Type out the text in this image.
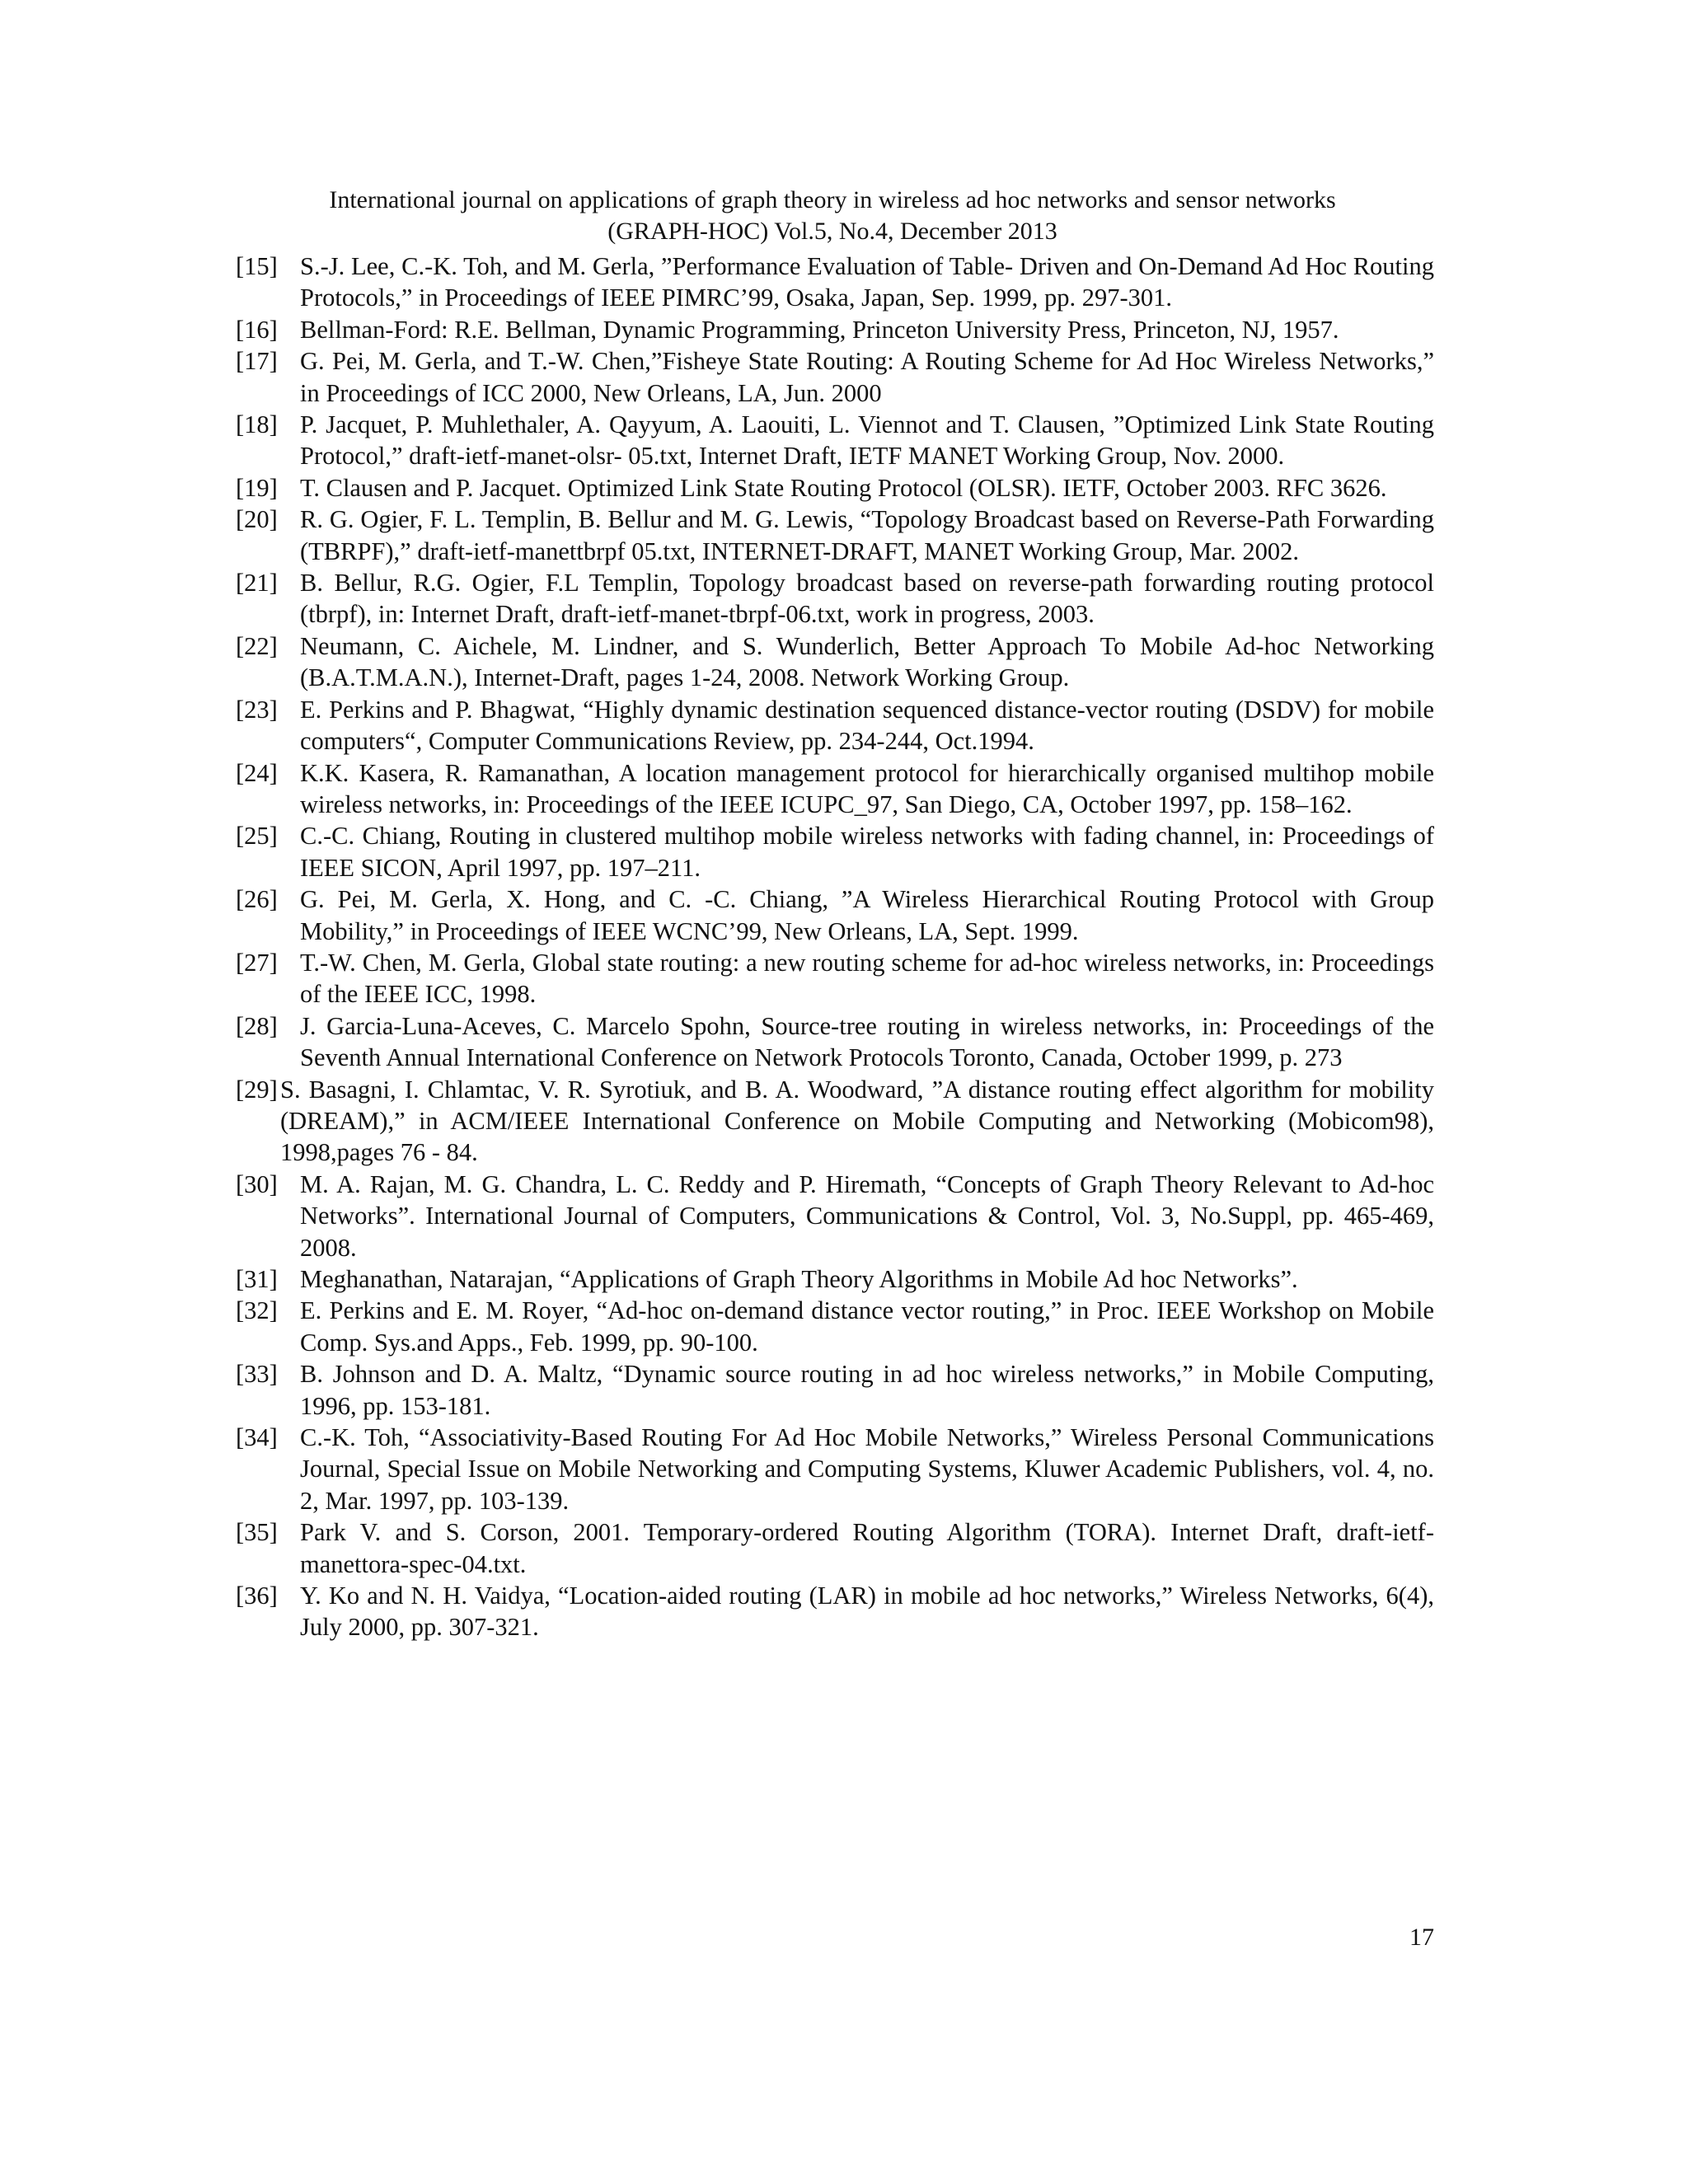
International journal on applications of graph theory in wireless ad hoc networks and sensor networks
(GRAPH-HOC) Vol.5, No.4, December 2013
[15] S.-J. Lee, C.-K. Toh, and M. Gerla, ”Performance Evaluation of Table- Driven and On-Demand Ad Hoc Routing Protocols,” in Proceedings of IEEE PIMRC’99, Osaka, Japan, Sep. 1999, pp. 297-301.
[16] Bellman-Ford: R.E. Bellman, Dynamic Programming, Princeton University Press, Princeton, NJ, 1957.
[17] G. Pei, M. Gerla, and T.-W. Chen,”Fisheye State Routing: A Routing Scheme for Ad Hoc Wireless Networks,” in Proceedings of ICC 2000, New Orleans, LA, Jun. 2000
[18] P. Jacquet, P. Muhlethaler, A. Qayyum, A. Laouiti, L. Viennot and T. Clausen, ”Optimized Link State Routing Protocol,” draft-ietf-manet-olsr- 05.txt, Internet Draft, IETF MANET Working Group, Nov. 2000.
[19] T. Clausen and P. Jacquet. Optimized Link State Routing Protocol (OLSR). IETF, October 2003. RFC 3626.
[20] R. G. Ogier, F. L. Templin, B. Bellur and M. G. Lewis, “Topology Broadcast based on Reverse-Path Forwarding (TBRPF),” draft-ietf-manettbrpf 05.txt, INTERNET-DRAFT, MANET Working Group, Mar. 2002.
[21] B. Bellur, R.G. Ogier, F.L Templin, Topology broadcast based on reverse-path forwarding routing protocol (tbrpf), in: Internet Draft, draft-ietf-manet-tbrpf-06.txt, work in progress, 2003.
[22] Neumann, C. Aichele, M. Lindner, and S. Wunderlich, Better Approach To Mobile Ad-hoc Networking (B.A.T.M.A.N.), Internet-Draft, pages 1-24, 2008. Network Working Group.
[23] E. Perkins and P. Bhagwat, “Highly dynamic destination sequenced distance-vector routing (DSDV) for mobile computers“, Computer Communications Review, pp. 234-244, Oct.1994.
[24] K.K. Kasera, R. Ramanathan, A location management protocol for hierarchically organised multihop mobile wireless networks, in: Proceedings of the IEEE ICUPC_97, San Diego, CA, October 1997, pp. 158–162.
[25] C.-C. Chiang, Routing in clustered multihop mobile wireless networks with fading channel, in: Proceedings of IEEE SICON, April 1997, pp. 197–211.
[26] G. Pei, M. Gerla, X. Hong, and C. -C. Chiang, ”A Wireless Hierarchical Routing Protocol with Group Mobility,” in Proceedings of IEEE WCNC’99, New Orleans, LA, Sept. 1999.
[27] T.-W. Chen, M. Gerla, Global state routing: a new routing scheme for ad-hoc wireless networks, in: Proceedings of the IEEE ICC, 1998.
[28] J. Garcia-Luna-Aceves, C. Marcelo Spohn, Source-tree routing in wireless networks, in: Proceedings of the Seventh Annual International Conference on Network Protocols Toronto, Canada, October 1999, p. 273
[29] S. Basagni, I. Chlamtac, V. R. Syrotiuk, and B. A. Woodward, ”A distance routing effect algorithm for mobility (DREAM),” in ACM/IEEE International Conference on Mobile Computing and Networking (Mobicom98), 1998,pages 76 - 84.
[30] M. A. Rajan, M. G. Chandra, L. C. Reddy and P. Hiremath, “Concepts of Graph Theory Relevant to Ad-hoc Networks”. International Journal of Computers, Communications & Control, Vol. 3, No.Suppl, pp. 465-469, 2008.
[31] Meghanathan, Natarajan, “Applications of Graph Theory Algorithms in Mobile Ad hoc Networks”.
[32] E. Perkins and E. M. Royer, “Ad-hoc on-demand distance vector routing,” in Proc. IEEE Workshop on Mobile Comp. Sys.and Apps., Feb. 1999, pp. 90-100.
[33] B. Johnson and D. A. Maltz, “Dynamic source routing in ad hoc wireless networks,” in Mobile Computing, 1996, pp. 153-181.
[34] C.-K. Toh, “Associativity-Based Routing For Ad Hoc Mobile Networks,” Wireless Personal Communications Journal, Special Issue on Mobile Networking and Computing Systems, Kluwer Academic Publishers, vol. 4, no. 2, Mar. 1997, pp. 103-139.
[35] Park V. and S. Corson, 2001. Temporary-ordered Routing Algorithm (TORA). Internet Draft, draft-ietf-manettora-spec-04.txt.
[36] Y. Ko and N. H. Vaidya, “Location-aided routing (LAR) in mobile ad hoc networks,” Wireless Networks, 6(4), July 2000, pp. 307-321.
17
